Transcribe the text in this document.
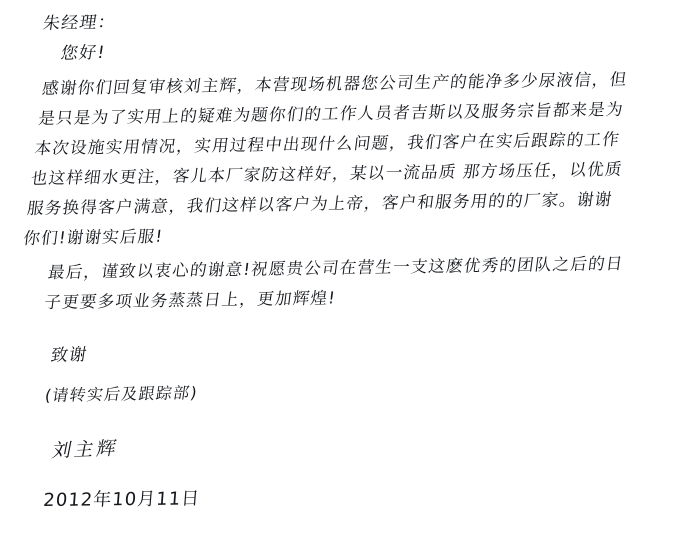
朱经理：
您好!
感谢你们回复审核刘主辉，本营现场机器您公司生产的能净多少尿液信，但是只是为了实用上的疑难为题你们的工作人员者吉斯以及服务宗旨都来是为本次设施实用情况，实用过程中出现什么问题，我们客户在实后跟踪的工作也这样细水更注，客儿本厂家防这样好，某以一流品质 那方场压任，以优质服务换得客户满意，我们这样以客户为上帝，客户和服务用的的厂家。谢谢你们!谢谢实后服!
最后，谨致以衷心的谢意!祝愿贵公司在营生一支这麽优秀的团队之后的日子更要多项业务蒸蒸日上，更加辉煌!
致谢
(请转实后及跟踪部)
刘主辉
2012年10月11日
